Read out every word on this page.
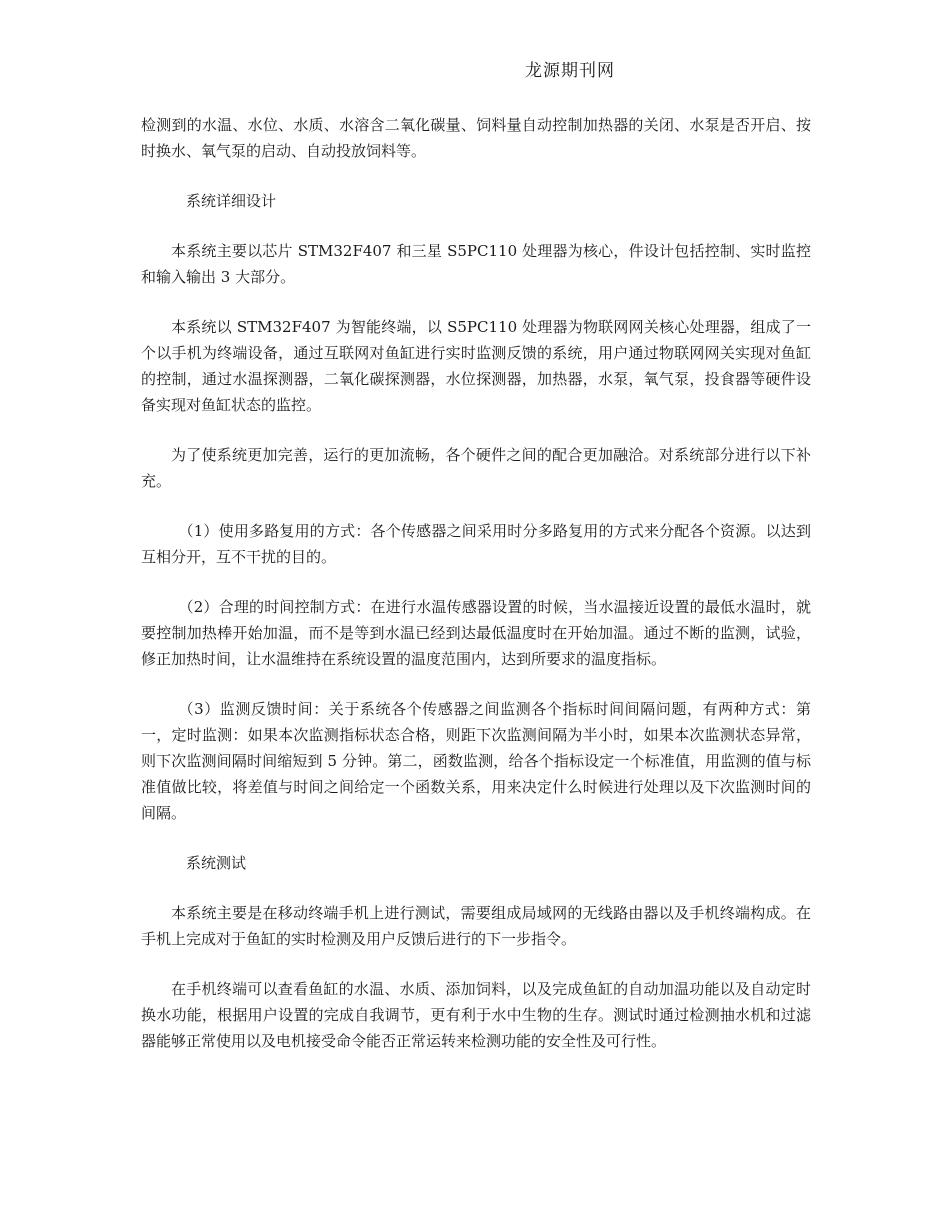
龙源期刊网

检测到的水温、水位、水质、水溶含二氧化碳量、饲料量自动控制加热器的关闭、水泵是否开启、按时换水、氧气泵的启动、自动投放饲料等。

系统详细设计

本系统主要以芯片 STM32F407 和三星 S5PC110 处理器为核心，件设计包括控制、实时监控和输入输出 3 大部分。

本系统以 STM32F407 为智能终端，以 S5PC110 处理器为物联网网关核心处理器，组成了一个以手机为终端设备，通过互联网对鱼缸进行实时监测反馈的系统，用户通过物联网网关实现对鱼缸的控制，通过水温探测器，二氧化碳探测器，水位探测器，加热器，水泵，氧气泵，投食器等硬件设备实现对鱼缸状态的监控。

为了使系统更加完善，运行的更加流畅，各个硬件之间的配合更加融洽。对系统部分进行以下补充。

（1）使用多路复用的方式：各个传感器之间采用时分多路复用的方式来分配各个资源。以达到互相分开，互不干扰的目的。

（2）合理的时间控制方式：在进行水温传感器设置的时候，当水温接近设置的最低水温时，就要控制加热棒开始加温，而不是等到水温已经到达最低温度时在开始加温。通过不断的监测，试验，修正加热时间，让水温维持在系统设置的温度范围内，达到所要求的温度指标。

（3）监测反馈时间：关于系统各个传感器之间监测各个指标时间间隔问题，有两种方式：第一，定时监测：如果本次监测指标状态合格，则距下次监测间隔为半小时，如果本次监测状态异常，则下次监测间隔时间缩短到 5 分钟。第二，函数监测，给各个指标设定一个标准值，用监测的值与标准值做比较，将差值与时间之间给定一个函数关系，用来决定什么时候进行处理以及下次监测时间的间隔。

系统测试

本系统主要是在移动终端手机上进行测试，需要组成局域网的无线路由器以及手机终端构成。在手机上完成对于鱼缸的实时检测及用户反馈后进行的下一步指令。

在手机终端可以查看鱼缸的水温、水质、添加饲料，以及完成鱼缸的自动加温功能以及自动定时换水功能，根据用户设置的完成自我调节，更有利于水中生物的生存。测试时通过检测抽水机和过滤器能够正常使用以及电机接受命令能否正常运转来检测功能的安全性及可行性。
